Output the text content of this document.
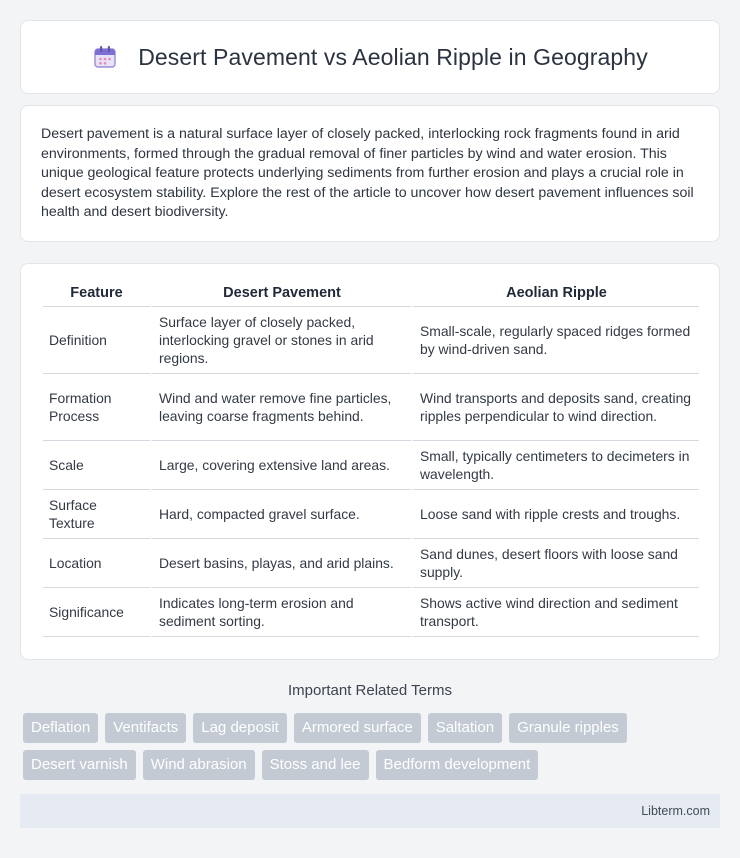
Desert Pavement vs Aeolian Ripple in Geography

Desert pavement is a natural surface layer of closely packed, interlocking rock fragments found in arid environments, formed through the gradual removal of finer particles by wind and water erosion. This unique geological feature protects underlying sediments from further erosion and plays a crucial role in desert ecosystem stability. Explore the rest of the article to uncover how desert pavement influences soil health and desert biodiversity.

Feature	Desert Pavement	Aeolian Ripple
Definition	Surface layer of closely packed, interlocking gravel or stones in arid regions.	Small-scale, regularly spaced ridges formed by wind-driven sand.
Formation Process	Wind and water remove fine particles, leaving coarse fragments behind.	Wind transports and deposits sand, creating ripples perpendicular to wind direction.
Scale	Large, covering extensive land areas.	Small, typically centimeters to decimeters in wavelength.
Surface Texture	Hard, compacted gravel surface.	Loose sand with ripple crests and troughs.
Location	Desert basins, playas, and arid plains.	Sand dunes, desert floors with loose sand supply.
Significance	Indicates long-term erosion and sediment sorting.	Shows active wind direction and sediment transport.
Important Related Terms
Deflation	Ventifacts	Lag deposit	Armored surface	Saltation	Granule ripples
Desert varnish	Wind abrasion	Stoss and lee	Bedform development
Libterm.com
